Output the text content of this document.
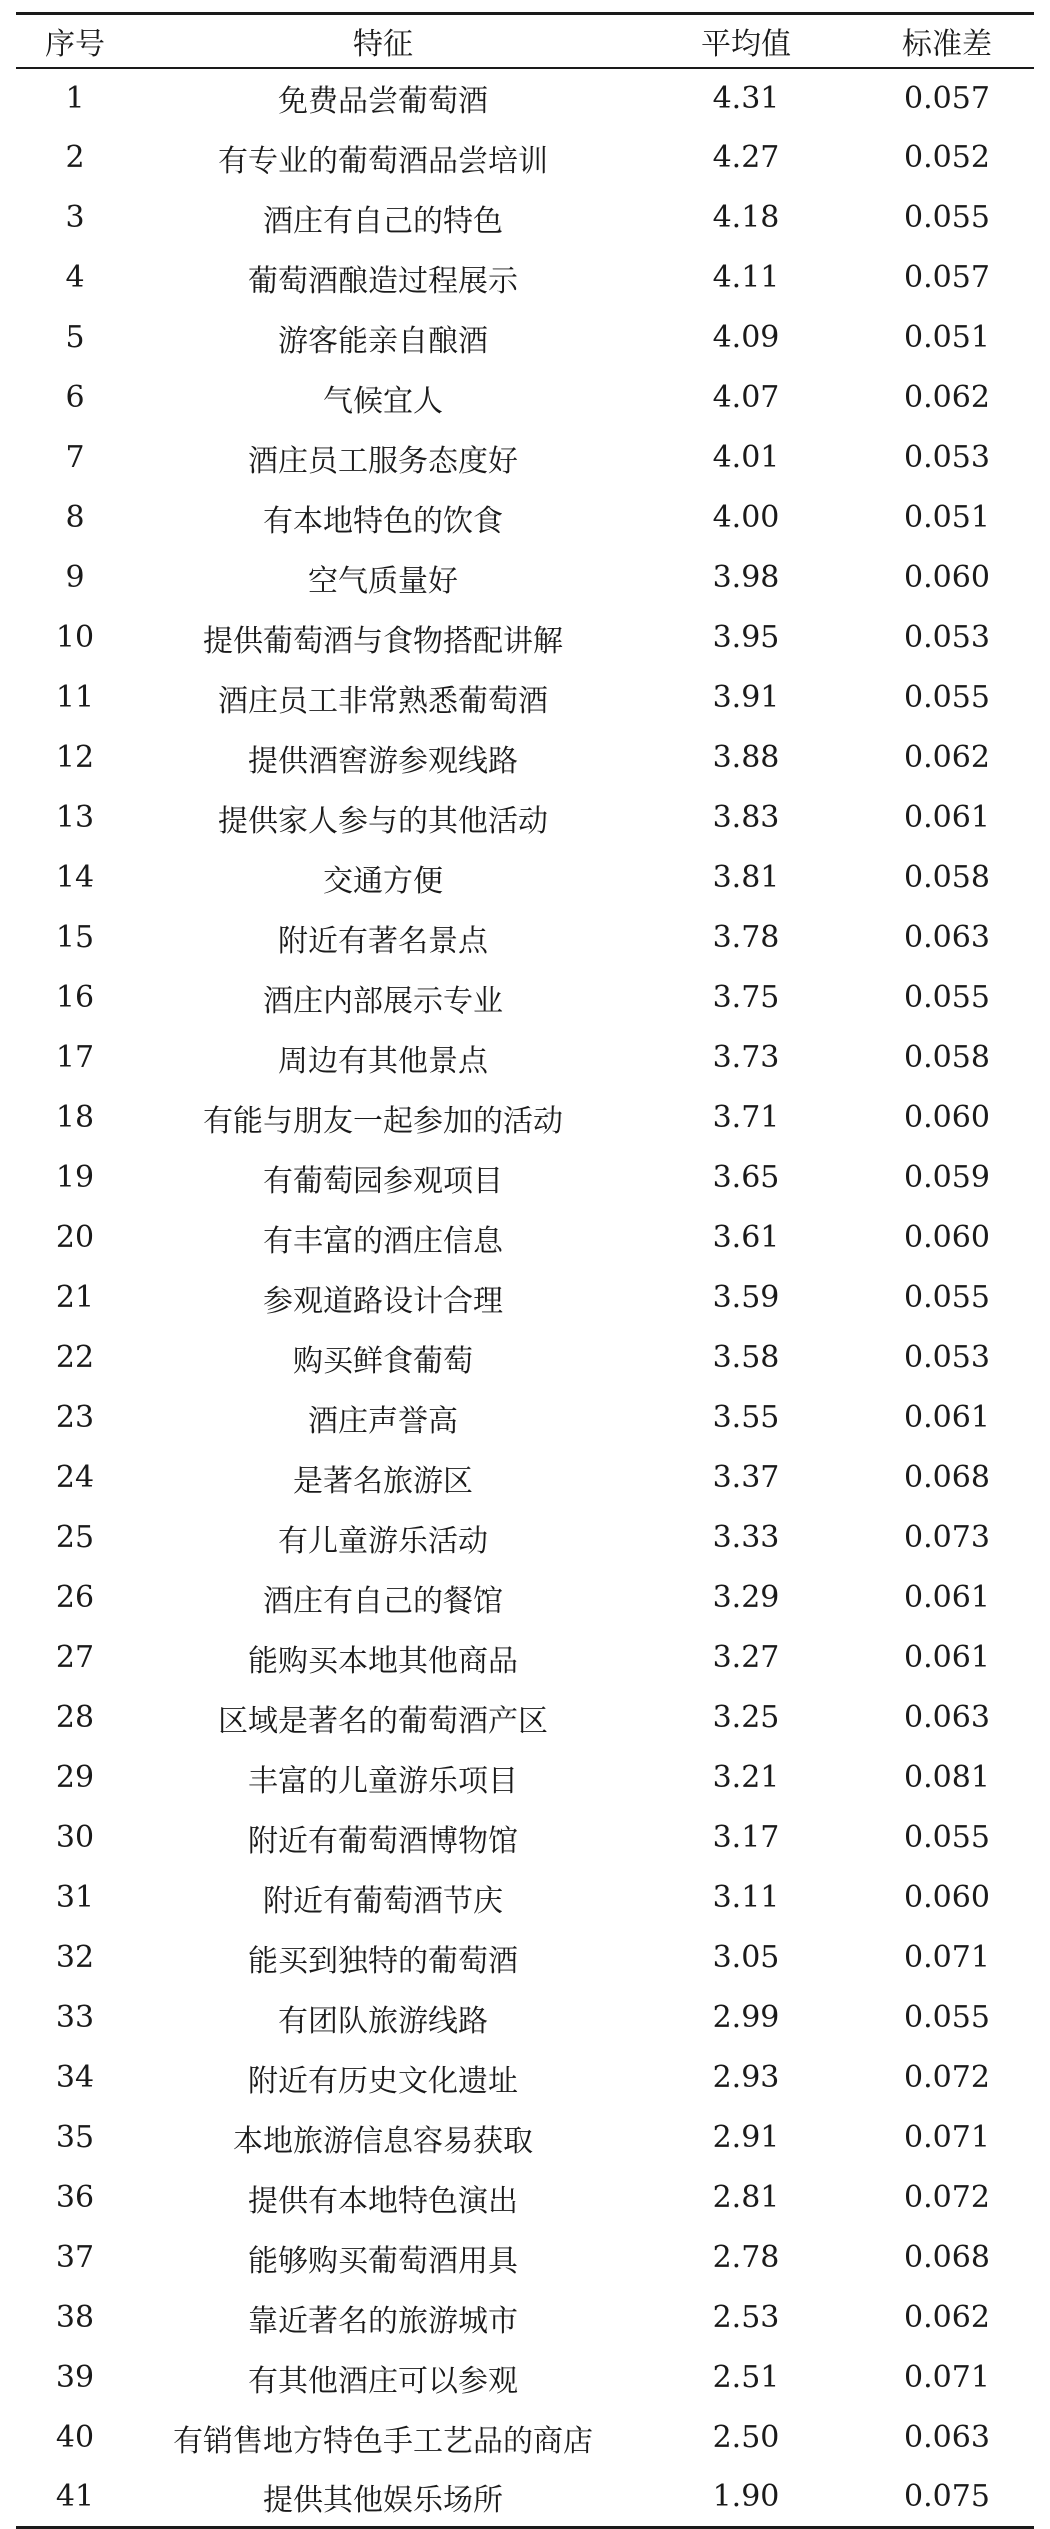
序号	特征	平均值	标准差
1	免费品尝葡萄酒	4.31	0.057
2	有专业的葡萄酒品尝培训	4.27	0.052
3	酒庄有自己的特色	4.18	0.055
4	葡萄酒酿造过程展示	4.11	0.057
5	游客能亲自酿酒	4.09	0.051
6	气候宜人	4.07	0.062
7	酒庄员工服务态度好	4.01	0.053
8	有本地特色的饮食	4.00	0.051
9	空气质量好	3.98	0.060
10	提供葡萄酒与食物搭配讲解	3.95	0.053
11	酒庄员工非常熟悉葡萄酒	3.91	0.055
12	提供酒窖游参观线路	3.88	0.062
13	提供家人参与的其他活动	3.83	0.061
14	交通方便	3.81	0.058
15	附近有著名景点	3.78	0.063
16	酒庄内部展示专业	3.75	0.055
17	周边有其他景点	3.73	0.058
18	有能与朋友一起参加的活动	3.71	0.060
19	有葡萄园参观项目	3.65	0.059
20	有丰富的酒庄信息	3.61	0.060
21	参观道路设计合理	3.59	0.055
22	购买鲜食葡萄	3.58	0.053
23	酒庄声誉高	3.55	0.061
24	是著名旅游区	3.37	0.068
25	有儿童游乐活动	3.33	0.073
26	酒庄有自己的餐馆	3.29	0.061
27	能购买本地其他商品	3.27	0.061
28	区域是著名的葡萄酒产区	3.25	0.063
29	丰富的儿童游乐项目	3.21	0.081
30	附近有葡萄酒博物馆	3.17	0.055
31	附近有葡萄酒节庆	3.11	0.060
32	能买到独特的葡萄酒	3.05	0.071
33	有团队旅游线路	2.99	0.055
34	附近有历史文化遗址	2.93	0.072
35	本地旅游信息容易获取	2.91	0.071
36	提供有本地特色演出	2.81	0.072
37	能够购买葡萄酒用具	2.78	0.068
38	靠近著名的旅游城市	2.53	0.062
39	有其他酒庄可以参观	2.51	0.071
40	有销售地方特色手工艺品的商店	2.50	0.063
41	提供其他娱乐场所	1.90	0.075
